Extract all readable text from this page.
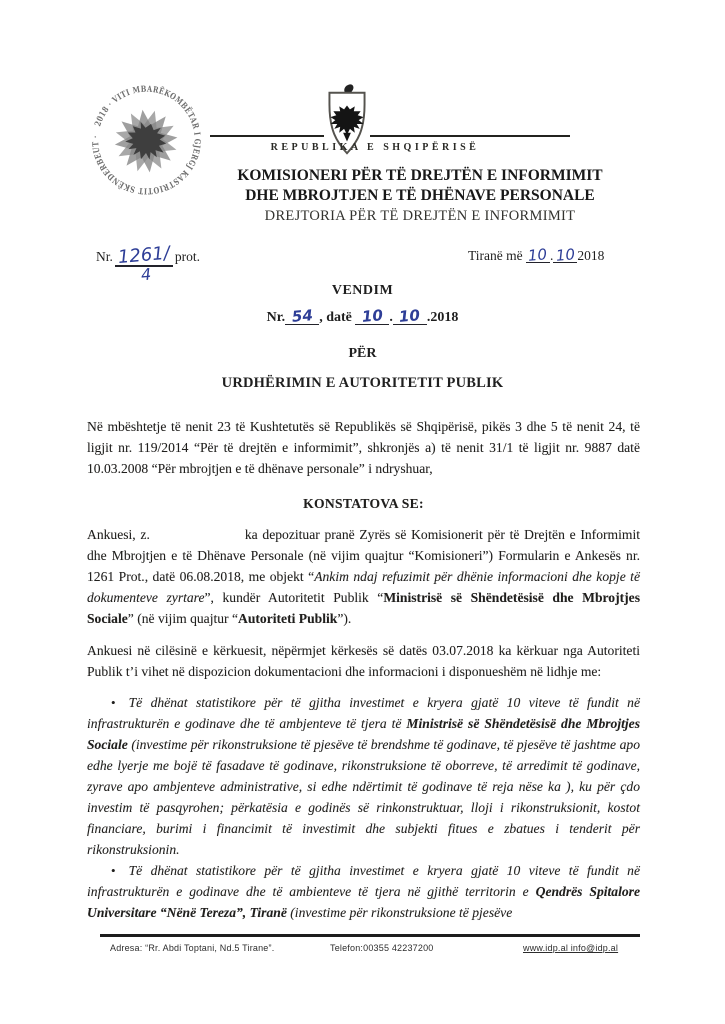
2018 · VITI MBARËKOMBËTAR I GJERGJ KASTRIOTIT SKËNDERBEUT ·
REPUBLIKA E SHQIPËRISË
KOMISIONERI PËR TË DREJTËN E INFORMIMIT
DHE MBROJTJEN E TË DHËNAVE PERSONALE
DREJTORIA PËR TË DREJTËN E INFORMIMIT
Nr. 1261/
4
prot.	Tiranë më 10 . 10 2018
VENDIM
Nr. 54 , datë 10 . 10 .2018
PËR
URDHËRIMIN E AUTORITETIT PUBLIK

Në mbështetje të nenit 23 të Kushtetutës së Republikës së Shqipërisë, pikës 3 dhe 5 të nenit 24, të ligjit nr. 119/2014 “Për të drejtën e informimit”, shkronjës a) të nenit 31/1 të ligjit nr. 9887 datë 10.03.2008 “Për mbrojtjen e të dhënave personale” i ndryshuar,

KONSTATOVA SE:

Ankuesi, z.	ka depozituar pranë Zyrës së Komisionerit për të Drejtën e Informimit dhe Mbrojtjen e të Dhënave Personale (në vijim quajtur “Komisioneri”) Formularin e Ankesës nr. 1261 Prot., datë 06.08.2018, me objekt “Ankim ndaj refuzimit për dhënie informacioni dhe kopje të dokumenteve zyrtare”, kundër Autoritetit Publik “Ministrisë së Shëndetësisë dhe Mbrojtjes Sociale” (në vijim quajtur “Autoriteti Publik”).

Ankuesi në cilësinë e kërkuesit, nëpërmjet kërkesës së datës 03.07.2018 ka kërkuar nga Autoriteti Publik t’i vihet në dispozicion dokumentacioni dhe informacioni i disponueshëm në lidhje me:

• Të dhënat statistikore për të gjitha investimet e kryera gjatë 10 viteve të fundit në infrastrukturën e godinave dhe të ambjenteve të tjera të Ministrisë së Shëndetësisë dhe Mbrojtjes Sociale (investime për rikonstruksione të pjesëve të brendshme të godinave, të pjesëve të jashtme apo edhe lyerje me bojë të fasadave të godinave, rikonstruksione të oborreve, të arredimit të godinave, zyrave apo ambjenteve administrative, si edhe ndërtimit të godinave të reja nëse ka ), ku për çdo investim të pasqyrohen; përkatësia e godinës së rinkonstruktuar, lloji i rikonstruksionit, kostot financiare, burimi i financimit të investimit dhe subjekti fitues e zbatues i tenderit për rikonstruksionin.

• Të dhënat statistikore për të gjitha investimet e kryera gjatë 10 viteve të fundit në infrastrukturën e godinave dhe të ambienteve të tjera në gjithë territorin e Qendrës Spitalore Universitare “Nënë Tereza”, Tiranë (investime për rikonstruksione të pjesëve

Adresa: “Rr. Abdi Toptani, Nd.5 Tirane”.	Telefon:00355 42237200	www.idp.al info@idp.al
